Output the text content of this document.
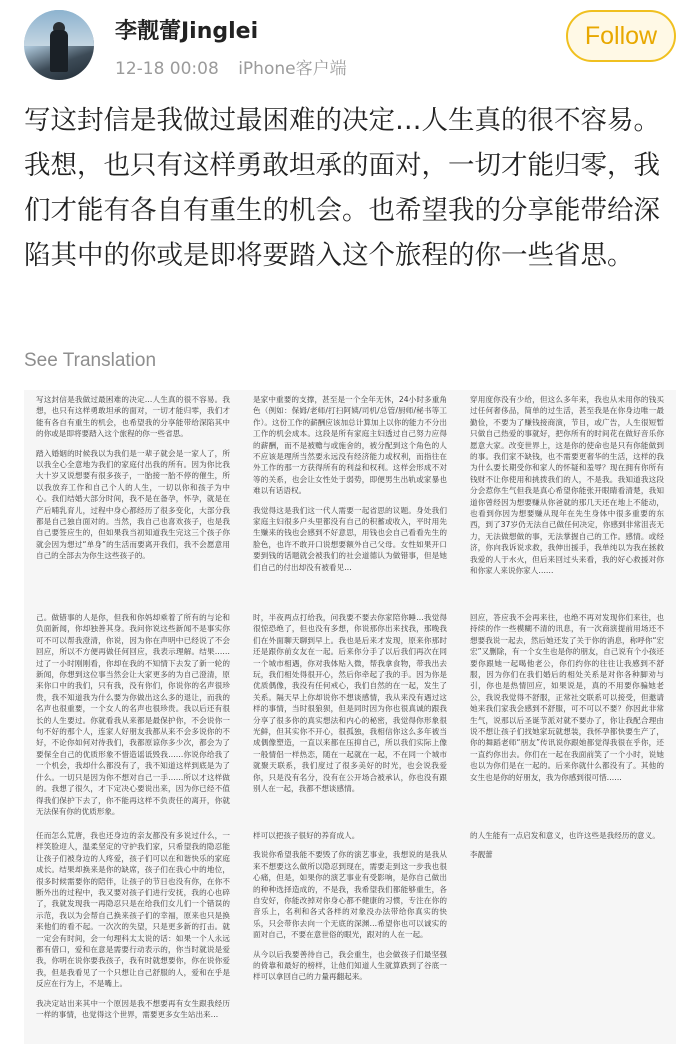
李靓蕾Jinglei
12-18 00:08 iPhone客户端
Follow

写这封信是我做过最困难的决定…人生真的很不容易。我想，也只有这样勇敢坦承的面对，一切才能归零，我们才能有各自有重生的机会。也希望我的分享能带给深陷其中的你或是即将要踏入这个旅程的你一些省思。

See Translation

写这封信是我做过最困难的决定…人生真的很不容易。我想，也只有这样勇敢坦承的面对，一切才能归零，我们才能有各自有重生的机会，也希望我的分享能带给深陷其中的你或是即将要踏入这个旅程的你一些省思。

踏入婚姻的时候我以为我们是一辈子就会是一家人了，所以我全心全意地为我们的家庭付出我的所有。因为你比我大十岁又说想要有很多孩子，一胎接一胎不停的催生，所以我放弃工作和自己个人的人生，一切以你和孩子为中心。我们结婚大部分时间，我不是在备孕，怀孕，就是在产后哺乳育儿，过程中身心都经历了很多变化，大部分我都是自己独自面对的。当然，我自己也喜欢孩子，也是我自己要签应生的，但如果我当初知道我生完这三个孩子你就会因为想过“单身”的生活而要离开我们，我不会愿意用自己的全部去为你生这些孩子的。

是家中重要的支撑，甚至是一个全年无休，24小时多重角色（例如：保姆/老师/打扫阿姨/司机/总管/厨师/秘书等工作）。这份工作的薪酬应该加总计算加上以你的能力不分出工作的机会成本。这段是所有家庭主妇透过自己努力应得的薪酬，而不是被赡与或施舍的，被分配到这个角色的人不应该是理所当然要永远没有经济能力或权利，而指往在外工作的那一方获得所有的利益和权利。这样会形成不对等的关系，也会让女性处于弱势，即便男生出轨或家暴也难以有话语权。

我觉得这是我们这一代人需要一起省思的议题。身处我们家庭主妇很多户头里都没有自己的积蓄或收入，平时用先生赚来的钱也会感到不好意思，用钱也会自己看看先生的脸色，也许不敢开口说想要额外自己父母。女性如果开口要到钱的话题就会被我们的社会道德认为做错事，但是她们自己的付出却没有被看见…

穿用度你没有少给，但这么多年来，我也从未用你的钱买过任何奢侈品，简单的过生活，甚至我是在你身边唯一最勤俭，不要为了赚钱接商演，节目，或广告，人生很短暂只做自己热爱的事就好，把你所有的时间花在做好音乐你愿意大家。改变世界上，这是你的使命也是只有你能做到的事。我们家不缺钱，也不需要更奢华的生活，这样的我为什么要长期受你和家人的怀疑和羞辱？现在拥有你所有钱财不让你使用和挑拨我们的人，不是我。我知道我这段分会惹你生气但我是真心希望你能张开眼睛看清楚，我知道你曾经因为想要赚从你爸就的那几天还在地上不能动，也看到你因为想要赚从现年在先生身体中很多重要的东西，到了37岁仍无法自己做任何决定，你感到非常沮丧无力，无法做想做的事，无法掌握自己的工作。感情。或经济，你向我诉说求救，我伸出援手，我单纯以为我在拯救我爱的人于水火，但后来回过头来看，我的好心救援对你和你家人来说你家人……

己。做错事的人是你，但我和你妈却乘着了所有的与论和负面新闻，你却独善其身。我问你说这些新闻不是事实你可不可以帮我澄清，你说，因为你在声明中已经说了不会回应，所以不方便再做任何回应，我表示理解。结果……过了一小时刚刚看，你却在我的不知情下去发了新一轮的新闻，你想到这位事当然会让大家更多的为自己澄清，原来你口中的我们，只有我，没有你们，你说你的名声很珍贵，我不知道我为什么要为你做出这么多的退让，而我的名声也很重要，一个女人的名声也很珍贵。我以后还有很长的人生要过。你就看我从来都是最保护你，不会说你一句不好的那个人，连家人好朋友我都从来不会多说你的不好，不论你如何对待我们，我都原谅你多少次，都会为了要保全自己的优质形象不惜造谣诋毁我……你说你给我了一个机会，我却什么都没有了，我不知道这样到底是为了什么。一切只是因为你不想对自己一手……所以才这样做的。我想了很久，才下定决心要说出来，因为你已经不值得我们保护下去了，你不能再这样不负责任的离开，你就无法保有你的优质形象。

时，半夜两点打给我，问我要不要去你家陪你睡…我觉得很惊恐绝了，但也没有多想，你说那你出来找我，那晚我们在外面聊天聊到早上。我也是后来才发现，原来你那时还是跟你前女友在一起。后来你分手了以后我们再次在同一个城市相遇，你对我体贴入微，帮我拿食物，带我出去玩，我们相处得很开心，然后你牵起了我的手。因为你是优质偶像，我没有任何戒心，我们自然的在一起，发生了关系。隔天早上你却说你不想谈感情，我从来没有遇过这样的事情，当时很狼狈，但是同时因为你也很真诚的跟我分享了很多你的真实想法和内心的秘密，我觉得你形象很光鲜，但其实你不开心，很孤独，我相信你这么多年被当成偶像塑造，一直以来都在压抑自己，所以我们实际上像一般情侣一样热恋，随在一起就在一起，不在同一个城市就聚天联系，我们度过了很多美好的时光，也会说我爱你，只是没有名分，没有在公开场合被承认，你也没有跟别人在一起，我都不想谈感情。

回应，答应我不会再来往，也绝不再对发现你们来往，也持续的作一些模糊不清的讯息，有一次商演提前用场还不想要我说一起去，然后她还发了关于你的消息，称呼你“宏宏”又删除，有一个女生也是你的朋友，自己说有个小孩还要你跟她一起喝他老公，你们约你的往往让我感到不舒服，因为你们在我们婚后的相处关系是对你各种脚劝与引，你也是热情回应，如果说是，真的不用要你骗她老公，我说我觉得不舒服，正常社交联系可以接受，但邀请她来我们家我会感到不舒服，可不可以不要？你因此非常生气，说那以后圣诞节派对就不要办了，你让我配合理由说不想让孩子们找她家玩就想装，我怀孕都快要生产了，你的舞蹈老师“朋友”传讯说你跟她都觉得我很在乎你，还一直约你出去。你们在一起在我面前笑了一个小时，说她也以为你们是在一起的。后来你就什么都没有了。其他的女生也是你的好朋友，我为你感到很可惜……

任而怎么荒唐，我也还身边的亲友都没有多说过什么，一样笑脸迎人，温柔坚定的守护我们家，只希望我的隐忍能让孩子们被身边的人疼爱，孩子们可以在和谐快乐的家庭成长。结果却换来是你的缺席，孩子们在我心中的地位，很多时候需要你的陪伴，让孩子的节日也没有你，在你不断外出的过程中，我又要对孩子们进行安抚，我的心也碎了，我就发现我一再隐忍只是在给我们女儿们一个错误的示范，我以为会帮自己换来孩子们的幸福，原来也只是换来他们的看不起。一次次的失望，只是更多新的打击。就一定会有时间，会一句理科太太说的话：如果一个人永远都有借口，爱和在意是需要行动表示的，你当时就说是爱我，你明在说你要我孩子，我有时就想要你，你在说你爱我，但是我看见了一个只想让自己舒服的人，爱和在乎是反应在行为上，不是嘴上。

我决定站出来其中一个原因是我不想要再有女生跟我经历一样的事情，也觉得这个世界，需要更多女生站出来…

样可以把孩子很好的养育成人。

我说你希望我能不要毁了你的演艺事业，我想说的是我从来不想要这么做所以隐忍到现在，需要走到这一步我也很心痛，但是，如果你的演艺事业有受影响，是你自己做出的种种选择造成的，不是我，我希望我们都能够重生，各自安好，你能改掉对你身心都不健康的习惯，专注在你的音乐上，名利和各式各样的对象没办法带给你真实的快乐，只会带你去向一个无底的深渊…希望你也可以诚实的面对自己，不要在意世俗的眼光，跟对的人在一起。

从今以后我要善待自己，我会重生，也会做孩子们最坚强的倚靠和最好的榜样，让他们知道人生就算跌到了谷底一样可以拿回自己的力量再翻起来。

的人生能有一点启发和意义，也许这些是我经历的意义。

李靓蕾
